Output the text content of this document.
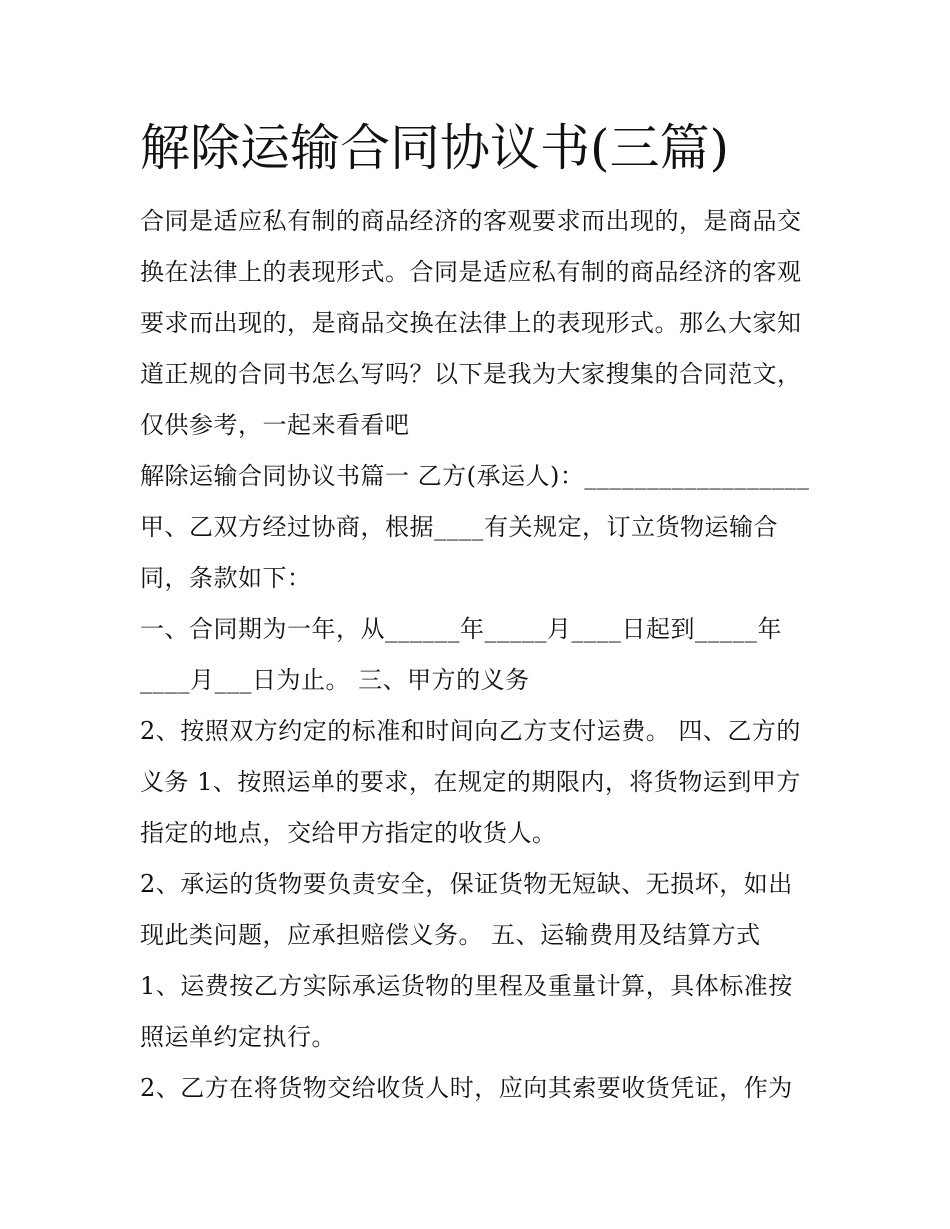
解除运输合同协议书(三篇)
合同是适应私有制的商品经济的客观要求而出现的，是商品交
换在法律上的表现形式。合同是适应私有制的商品经济的客观
要求而出现的，是商品交换在法律上的表现形式。那么大家知
道正规的合同书怎么写吗？以下是我为大家搜集的合同范文，
仅供参考，一起来看看吧
解除运输合同协议书篇一 乙方(承运人)：__________________
甲、乙双方经过协商，根据____有关规定，订立货物运输合
同，条款如下：
一、合同期为一年，从______年_____月____日起到_____年
____月___日为止。 三、甲方的义务
2、按照双方约定的标准和时间向乙方支付运费。 四、乙方的
义务 1、按照运单的要求，在规定的期限内，将货物运到甲方
指定的地点，交给甲方指定的收货人。
2、承运的货物要负责安全，保证货物无短缺、无损坏，如出
现此类问题，应承担赔偿义务。 五、运输费用及结算方式
1、运费按乙方实际承运货物的里程及重量计算，具体标准按
照运单约定执行。
2、乙方在将货物交给收货人时，应向其索要收货凭证，作为
